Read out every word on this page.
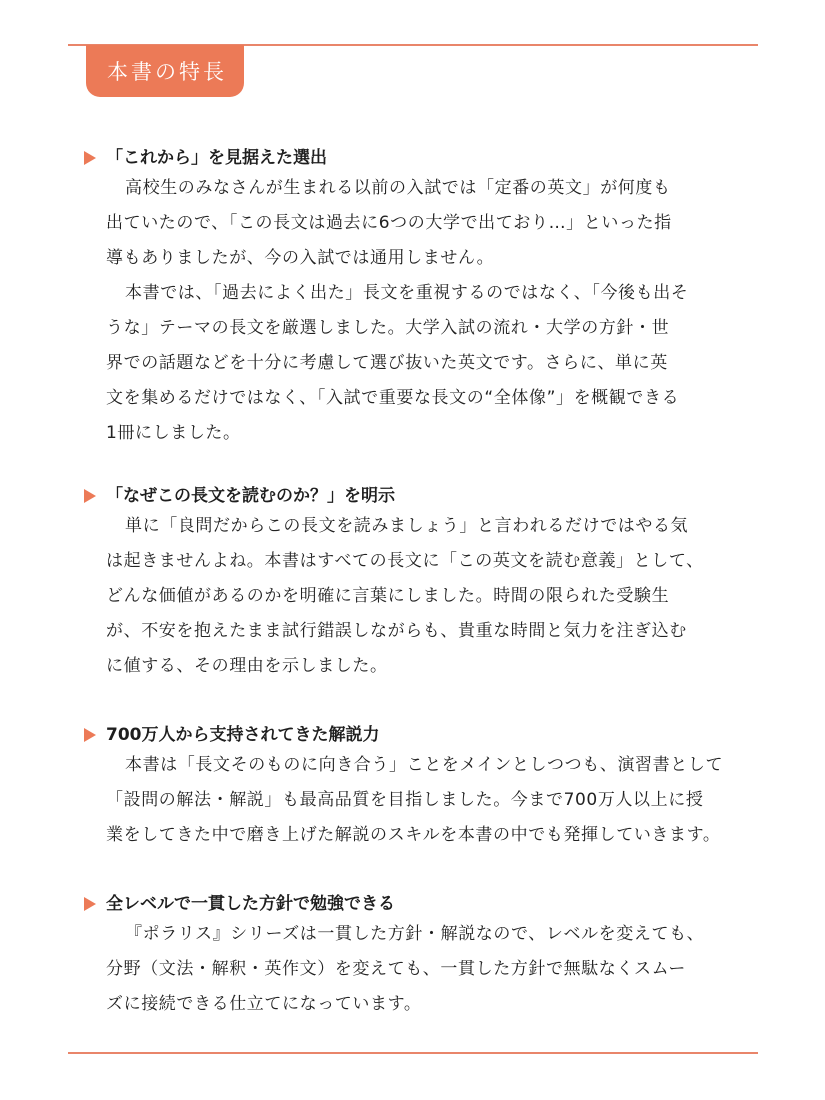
本書の特長
「これから」を見据えた選出
高校生のみなさんが生まれる以前の入試では「定番の英文」が何度も
出ていたので、「この長文は過去に6つの大学で出ており…」といった指
導もありましたが、今の入試では通用しません。
本書では、「過去によく出た」長文を重視するのではなく、「今後も出そ
うな」テーマの長文を厳選しました。大学入試の流れ・大学の方針・世
界での話題などを十分に考慮して選び抜いた英文です。さらに、単に英
文を集めるだけではなく、「入試で重要な長文の“全体像”」を概観できる
1冊にしました。
「なぜこの長文を読むのか？」を明示
単に「良問だからこの長文を読みましょう」と言われるだけではやる気
は起きませんよね。本書はすべての長文に「この英文を読む意義」として、
どんな価値があるのかを明確に言葉にしました。時間の限られた受験生
が、不安を抱えたまま試行錯誤しながらも、貴重な時間と気力を注ぎ込む
に値する、その理由を示しました。
700万人から支持されてきた解説力
本書は「長文そのものに向き合う」ことをメインとしつつも、演習書として
「設問の解法・解説」も最高品質を目指しました。今まで700万人以上に授
業をしてきた中で磨き上げた解説のスキルを本書の中でも発揮していきます。
全レベルで一貫した方針で勉強できる
『ポラリス』シリーズは一貫した方針・解説なので、レベルを変えても、
分野（文法・解釈・英作文）を変えても、一貫した方針で無駄なくスムー
ズに接続できる仕立てになっています。
